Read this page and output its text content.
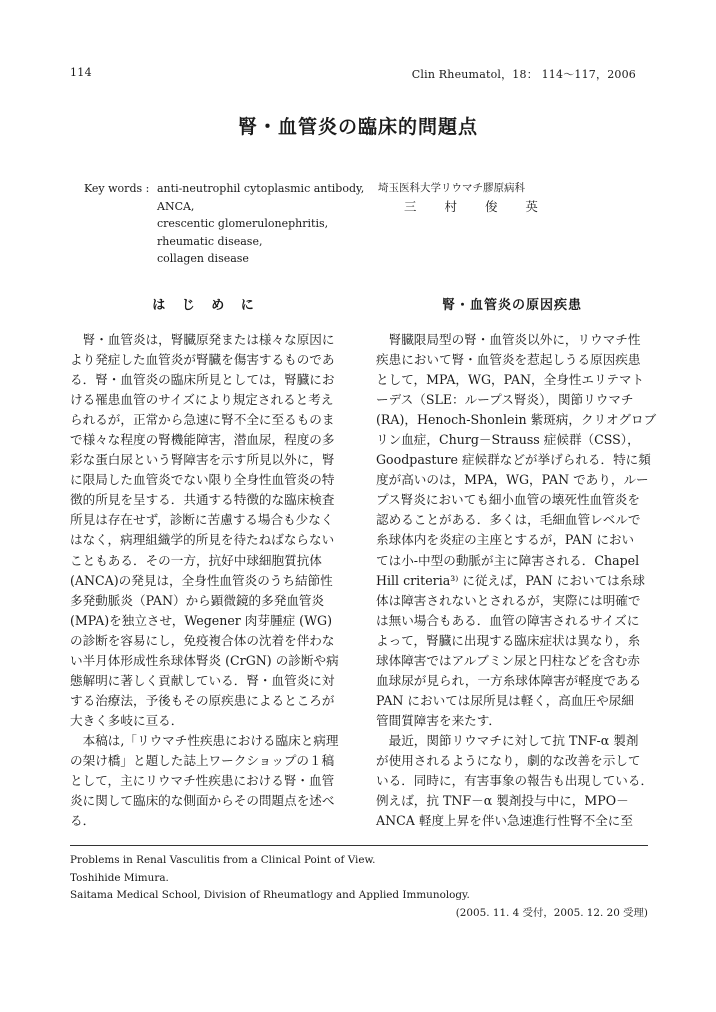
114	Clin Rheumatol，18： 114〜117，2006
腎・血管炎の臨床的問題点
Key words : anti-neutrophil cytoplasmic antibody,
ANCA,
crescentic glomerulonephritis,
rheumatic disease,
collagen disease
埼玉医科大学リウマチ膠原病科
三 村 俊 英
は じ め に	腎・血管炎の原因疾患
　腎・血管炎は，腎臓原発または様々な原因に
より発症した血管炎が腎臓を傷害するものであ
る．腎・血管炎の臨床所見としては，腎臓にお
ける罹患血管のサイズにより規定されると考え
られるが，正常から急速に腎不全に至るものま
で様々な程度の腎機能障害，潜血尿，程度の多
彩な蛋白尿という腎障害を示す所見以外に，腎
に限局した血管炎でない限り全身性血管炎の特
徴的所見を呈する．共通する特徴的な臨床検査
所見は存在せず，診断に苦慮する場合も少なく
はなく，病理組織学的所見を待たねばならない
こともある．その一方，抗好中球細胞質抗体
(ANCA)の発見は，全身性血管炎のうち結節性
多発動脈炎（PAN）から顕微鏡的多発血管炎
(MPA)を独立させ，Wegener 肉芽腫症 (WG)
の診断を容易にし，免疫複合体の沈着を伴わな
い半月体形成性糸球体腎炎 (CrGN) の診断や病
態解明に著しく貢献している．腎・血管炎に対
する治療法，予後もその原疾患によるところが
大きく多岐に亘る．
　本稿は,「リウマチ性疾患における臨床と病理
の架け橋」と題した誌上ワークショップの１稿
として，主にリウマチ性疾患における腎・血管
炎に関して臨床的な側面からその問題点を述べ
る．
　腎臓限局型の腎・血管炎以外に，リウマチ性
疾患において腎・血管炎を惹起しうる原因疾患
として，MPA，WG，PAN，全身性エリテマト
ーデス（SLE：ループス腎炎），関節リウマチ
(RA)，Henoch-Shonlein 紫斑病，クリオグロブ
リン血症，Churg－Strauss 症候群（CSS），
Goodpasture 症候群などが挙げられる．特に頻
度が高いのは，MPA，WG，PAN であり，ルー
プス腎炎においても細小血管の壊死性血管炎を
認めることがある．多くは，毛細血管レベルで
糸球体内を炎症の主座とするが，PAN におい
ては小-中型の動脈が主に障害される．Chapel
Hill criteria³⁾ に従えば，PAN においては糸球
体は障害されないとされるが，実際には明確で
は無い場合もある．血管の障害されるサイズに
よって，腎臓に出現する臨床症状は異なり，糸
球体障害ではアルブミン尿と円柱などを含む赤
血球尿が見られ，一方糸球体障害が軽度である
PAN においては尿所見は軽く，高血圧や尿細
管間質障害を来たす．
　最近，関節リウマチに対して抗 TNF-α 製剤
が使用されるようになり，劇的な改善を示して
いる．同時に，有害事象の報告も出現している．
例えば，抗 TNF－α 製剤投与中に，MPO－
ANCA 軽度上昇を伴い急速進行性腎不全に至
Problems in Renal Vasculitis from a Clinical Point of View.
Toshihide Mimura.
Saitama Medical School, Division of Rheumatlogy and Applied Immunology.
(2005. 11. 4 受付，2005. 12. 20 受理)
